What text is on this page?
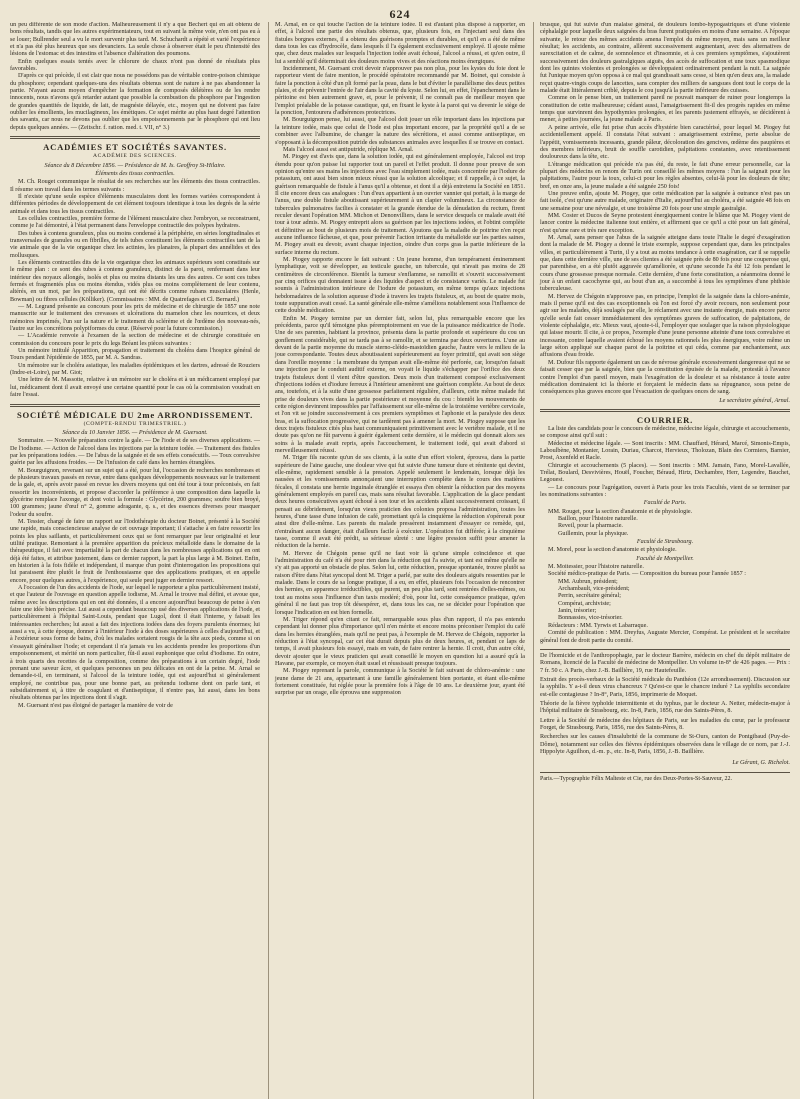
624

un peu différente de son mode d'action. Malheureusement il n'y a que Bechert qui en ait obtenu de bons résultats, tandis que les autres expérimentateurs, tout en suivant la même voie, n'en ont pas eu à se louer; Bullrender seul a vu le mort survenir plus tard. M. Schuchardt a répété et varié l'expérience et n'a pas été plus heureux que ses devanciers. La seule chose à observer était le peu d'intensité des lésions de l'estomac et des intestins et l'absence d'altération des poumons.

Enfin quelques essais tentés avec le chlorure de chaux n'ont pas donné de résultats plus favorables.

D'après ce qui précède, il est clair que nous ne possédons pas de véritable contre-poison chimique du phosphore; cependant quelques-uns des résultats obtenus sont de nature à ne pas abandonner la partie. N'ayant aucun moyen d'empêcher la formation de composés délétères ou de les rendre innocents, nous n'avons qu'à retarder autant que possible la combustion du phosphore par l'ingestion de grandes quantités de liquide, de lait, de magnésie délayée, etc., moyen qui ne doivent pas faire oublier les émollients, les mucilagineux, les émétiques. Ce sujet mérite au plus haut degré l'attention des savants, car nous ne devons pas oublier que les empoisonnements par le phosphore qui ont lieu depuis quelques années. — (Zeitschr. f. ration. med. t. VII, n° 3.)

ACADÉMIES ET SOCIÉTÉS SAVANTES.
ACADÉMIE DES SCIENCES.
Séance du 8 Décembre 1856. — Présidence de M. Is. Geoffroy St-Hilaire.
Éléments des tissus contractiles.

M. Ch. Rouget communique le résultat de ses recherches sur les éléments des tissus contractiles. Il résume son travail dans les termes suivants :

Il n'existe qu'une seule espèce d'éléments musculaires dont les formes variées correspondent à différentes périodes de développement de cet élément toujours identique à tous les degrés de la série animale et dans tous les tissus contractiles.

Les cellules contractiles, première forme de l'élément musculaire chez l'embryon, se reconstruent, comme je l'ai démontré, à l'état permanent dans l'enveloppe contractile des polypes hydraires.

Des tubes à contenu granuleux, plus ou moins condensé à la périphérie, en séries longitudinales et transversales de granules ou en fibrilles, de tels tubes constituent les éléments contractiles tant de la vie animale que de la vie organique chez les actinies, les planaires, la plupart des annélides et des mollusques.

Les éléments contractiles dits de la vie organique chez les animaux supérieurs sont constitués sur le même plan : ce sont des tubes à contenu granuleux, distinct de la paroi, renfermant dans leur intérieur des noyaux allongés, isolés et plus ou moins distants les uns des autres. Ce sont ces tubes fermés et fragmentés plus ou moins étendus, vidés plus ou moins complètement de leur contenu, altérés, en un mot, par les préparations, qui ont été décrits comme rubans musculaires (Henle, Bowman) ou fibres cellules (Kölliker). (Commissaires : MM. de Quatrefages et Cl. Bernard.)

— M. Legrand présente au concours pour les prix de médecine et de chirurgie de 1857 une note manuscrite sur le traitement des crevasses et ulcérations du mamelon chez les nourrices, et deux mémoires imprimés, l'un sur la nature et le traitement du sclérème et de l'œdème des nouveau-nés, l'autre sur les concrétions polypiformes du cœur. (Réservé pour la future commission.)

— L'Académie renvoie à l'examen de la section de médecine et de chirurgie constituée en commission du concours pour le prix du legs Bréant les pièces suivantes :

Un mémoire intitulé Apparition, propagation et traitement du choléra dans l'hospice général de Tours pendant l'épidémie de 1855, par M. A. Sandras.

Un mémoire sur le choléra asiatique, les maladies épidémiques et les dartres, adressé de Rouziers (Indre-et-Loire), par M. Giot;

Une lettre de M. Massotte, relative à un mémoire sur le choléra et à un médicament employé par lui, médicament dont il avait envoyé une certaine quantité pour le cas où la commission voudrait en faire l'essai.

SOCIÉTÉ MÉDICALE DU 2me ARRONDISSEMENT.
(COMPTE-RENDU TRIMESTRIEL.)
Séance du 10 Janvier 1856. — Présidence de M. Guersant.

Sommaire. — Nouvelle préparation contre la gale. — De l'iode et de ses diverses applications. — De l'iodisme. — Action de l'alcool dans les injections par la teinture iodée. — Traitement des fistules par les préparations iodées. — De l'abus de la saignée et de ses effets consécutifs. — Toux convulsive guérie par les affusions froides. — De l'infusion de café dans les hernies étranglées.

M. Bourguignon, revenant sur un sujet qui a été, pour lui, l'occasion de recherches nombreuses et de plusieurs travaux passés en revue, entre dans quelques développements nouveaux sur le traitement de la gale, et, après avoir passé en revue les divers moyens qui ont été tour à tour préconisés, en fait ressortir les inconvénients, et propose d'accorder la préférence à une composition dans laquelle la glycérine remplace l'axonge, et dont voici la formule : Glycérine, 200 grammes; soufre bien broyé, 100 grammes; jaune d'œuf n° 2, gomme adragante, q. s., et des essences diverses pour masquer l'odeur du soufre.

M. Tessier, chargé de faire un rapport sur l'Iodothérapie du docteur Boinet, présenté à la Société une rapide, mais consciencieuse analyse de cet ouvrage important; il s'attache à en faire ressortir les points les plus saillants, et particulièrement ceux qui se font remarquer par leur originalité et leur utilité pratique. Remontant à la première apparition du précieux métalloïde dans le domaine de la thérapeutique, il fait avec impartialité la part de chacun dans les nombreuses applications qui en ont déjà été faites, et attribue justement, dans ce dernier rapport, la part la plus large à M. Boinet. Enfin, en historien à la fois fidèle et indépendant, il marque d'un point d'interrogation les propositions qui lui paraissent être plutôt le fruit de l'enthousiasme que des applications pratiques, et en appelle encore, pour quelques autres, à l'expérience, qui seule peut juger en dernier ressort.

A l'occasion de l'un des accidents de l'iode, sur lequel le rapporteur a plus particulièrement insisté, et que l'auteur de l'ouvrage en question appelle iodisme, M. Arnal le trouve mal défini, et avoue que, même avec les descriptions qui en ont été données, il a encore aujourd'hui beaucoup de peine à s'en faire une idée bien précise. Lui aussi a cependant beaucoup usé des diverses applications de l'iode, et particulièrement à l'hôpital Saint-Louis, pendant que Lugol, dont il était l'interne, y faisait les intéressantes recherches; lui aussi a fait des injections iodées dans des foyers purulents énormes; lui aussi a vu, à cette époque, donner à l'intérieur l'iode à des doses supérieures à celles d'aujourd'hui, et à l'extérieur sous forme de bains, d'où les malades sortaient rougis de la tête aux pieds, comme si on s'essayait généraliser l'iode; et cependant il n'a jamais vu les accidents prendre les proportions d'un empoisonnement, et mérité un nom particulier, fût-il aussi euphonique que celui d'iodisme. En outre, à trois quarts des recettes de la composition, comme des préparations à un certain degré, l'iode prenant une saveur âcre, et quelques personnes un peu délicates en ont de la peine. M. Arnal se demande-t-il, en terminant, si l'alcool de la teinture iodée, qui est aujourd'hui si généralement employé, ne contribue pas, pour une bonne part, au prétendu iodisme dont on parle tant, et subsidiairement si, à titre de coagulant et d'antiseptique, il n'entre pas, lui aussi, dans les bons résultats obtenus par les injections dont il s'agit.

M. Guersant n'est pas éloigné de partager la manière de voir de

M. Arnal, en ce qui touche l'action de la teinture iodée. Il est d'autant plus disposé à rapporter, en effet, à l'alcool une partie des résultats obtenus, que, plusieurs fois, en l'injectant seul dans des fistules borgnes externes, il a obtenu des guérisons promptes et durables, et qu'il en a été de même dans tous les cas d'hydrocèle, dans lesquels il l'a également exclusivement employé. Il ajoute même que, chez deux malades sur lesquels l'injection iodée avait échoué, l'alcool a réussi, et qu'en outre, il lui a semblé qu'il déterminait des douleurs moins vives et des réactions moins énergiques.

Incidemment, M. Guersant croit devoir n'approuver pas non plus, pour les kystes du foie dont le rapporteur vient de faire mention, le procédé opératoire recommandé par M. Boinet, qui consiste à faire la ponction à côté d'un pli formé par la peau, dans le but d'éviter le parallélisme des deux petites plaies, et de prévenir l'entrée de l'air dans la cavité du kyste. Selon lui, en effet, l'épanchement dans le péritoine est bien autrement grave, et, pour le prévenir, il ne connaît pas de meilleur moyen que l'emploi préalable de la potasse caustique, qui, en fixant le kyste à la paroi qui va devenir le siège de la ponction, l'entourera d'adhérences protectrices.

M. Bourguignon pense, lui aussi, que l'alcool doit jouer un rôle important dans les injections par la teinture iodée, mais que celui de l'iode est plus important encore, par la propriété qu'il a de se combiner avec l'albumine, de changer la nature des sécrétions, et aussi comme antiseptique, en s'opposant à la décomposition putride des substances animales avec lesquelles il se trouve en contact.

Mais l'alcool aussi est antiputride, réplique M. Arnal.

M. Piogey est d'avis que, dans la solution iodée, qui est généralement employée, l'alcool est trop étendu pour qu'on puisse lui rapporter tout un pareil et l'effet produit. Il donne pour preuve de son opinion qu'entre ses mains les injections avec l'eau simplement iodée, mais concentrée par l'iodure de potassium, ont aussi bien sinon mieux réussi que la solution alcoolique; et il rappelle, à ce sujet, la guérison remarquable de fistule à l'anus qu'il a obtenue, et dont il a déjà entretenu la Société en 1851. Il cite encore deux cas analogues : l'un d'eux appartient à un ouvrier vannier qui portait, à la marge de l'anus, une double fistule aboutissant supérieurement à un clapier volumineux. La circonstance de tubercules pulmonaires facilies à constater et la grande étendue de la dénudation du rectum, firent reculer devant l'opération MM. Michon et Denonvilliers, dans le service desquels ce malade avait été tour à tour admis. M. Piogey entreprit alors sa guérison par les injections iodées, et l'obtint complète et définitive au bout de plusieurs mois de traitement. Ajoutons que la maladie de poitrine n'en reçut aucune influence fâcheuse, et que, pour prévenir l'action irritante du métalloïde sur les parties saines, M. Piogey avait eu devoir, avant chaque injection, oindre d'un corps gras la partie inférieure de la surface interne du rectum.

M. Piogey rapporte encore le fait suivant : Un jeune homme, d'un tempérament éminemment lymphatique, voit se développer, au testicule gauche, un tubercule, qui n'avait pas moins de 28 centimètres de circonférence. Bientôt la tumeur s'enflamme, se ramollit et s'ouvrit successivement par cinq orifices qui donnaient issue à des liquides d'aspect et de consistance variés. Le malade fut soumis à l'administration intérieure de l'iodure de potassium, en même temps qu'aux injections hebdomadaires de la solution aqueuse d'iode à travers les trajets fistuleux, et, au bout de quatre mois, toute suppuration avait cessé. La santé générale elle-même s'améliora notablement sous l'influence de cette double médication.

Enfin M. Piogey termine par un dernier fait, selon lui, plus remarquable encore que les précédents, parce qu'il témoigne plus péremptoirement en vue de la puissance médicatrice de l'iode. Une de ses parentes, habitant la province, présenta dans la partie profonde et supérieure du cou un gonflement considérable, qui ne tarda pas à se ramollir, et se termina par deux ouvertures. L'une au devant de la partie moyenne du muscle sterno-cléido-mastoïdien gauche, l'autre vers le milieu de la joue correspondante. Toutes deux aboutissaient supérieurement au foyer primitif, qui avait son siège dans l'oreille moyenne : la membrane du tympan avait elle-même été perforée, car, lorsqu'on faisait une injection par le conduit auditif externe, on voyait le liquide s'échapper par l'orifice des deux trajets fistuleux dont il vient d'être question. Deux mois d'un traitement composé exclusivement d'injections iodées et d'iodure ferreux à l'intérieur amenèrent une guérison complète. Au bout de deux ans, toutefois, et à la suite d'une grossesse parfaitement régulière, d'ailleurs, cette même malade fut prise de douleurs vives dans la partie postérieure et moyenne du cou : bientôt les mouvements de cette région devinrent impossibles par l'affaissement sur elle-même de la troisième vertèbre cervicale, et l'on vit se joindre successivement à ces premiers symptômes et l'aphonie et la paralysie des deux bras, et la suffocation progressive, qui ne tardèrent pas à amener la mort. M. Piogey suppose que les deux trajets fistuleux cités plus haut communiquaient primitivement avec le vertèbre malade, et il ne doute pas qu'on ne fût parvenu à guérir également cette dernière, si le médecin qui donnait alors ses soins à la malade avait repris, après l'accouchement, le traitement iodé, qui avait d'abord si merveilleusement réussi.

M. Triger fils raconte qu'un de ses clients, à la suite d'un effort violent, éprouva, dans la partie supérieure de l'aine gauche, une douleur vive qui fut suivie d'une tumeur dure et rénitente qui devint, elle-même, rapidement sensible à la pression. Appelé seulement le lendemain, lorsque déjà les nausées et les vomissements annonçaient une interruption complète dans le cours des matières fécales, il constata une hernie inguinale étranglée et essaya d'en obtenir la réduction par des moyens généralement employés en pareil cas, mais sans résultat favorable. L'application de la glace pendant deux heures consécutives ayant échoué à son tour et les accidents allant successivement croissant, il pensait au débridement, lorsqu'un vieux praticien des colonies proposa l'administration, toutes les heures, d'une tasse d'une infusion de café, promettant qu'à la cinquième la réduction s'opérerait pour ainsi dire d'elle-même. Les parents du malade pressèrent instamment d'essayer ce remède, qui, n'entraînant aucun danger, était d'ailleurs facile à exécuter. L'opération fut différée; à la cinquième tasse, comme il avait été prédit, sa sérieuse sûreté : une légère pression suffit pour amener la réduction de la hernie.

M. Hervez de Chégoin pense qu'il ne faut voir là qu'une simple coïncidence et que l'administration du café n'a été pour rien dans la réduction qui l'a suivie, et tant est même qu'elle ne s'y ait pas apporté un obstacle de plus. Selon lui, cette réduction, presque spontanée, trouve plutôt sa raison d'être dans l'état syncopal dont M. Triger a parlé, par suite des douleurs aiguës ressenties par le malade. Dans le cours de sa longue pratique, il a eu, en effet, plusieurs fois l'occasion de rencontrer des hernies, en apparence irréductibles, qui purent, un peu plus tard, sont rentrées d'elles-mêmes, ou tout au moins sous l'influence d'un taxis modéré; d'où, pour lui, cette conséquence pratique, qu'en général il ne faut pas trop tôt désespérer, et, dans tous les cas, ne se décider pour l'opération que lorsque l'indication en est bien formelle.

M. Triger répond qu'en citant ce fait, remarquable sous plus d'un rapport, il n'a pas entendu cependant lui donner plus d'importance qu'il n'en mérite et encore moins préconiser l'emploi du café dans les hernies étranglées, mais qu'il ne peut pas, à l'exemple de M. Hervez de Chégoin, rapporter la réduction à l'état syncopal, car cet état durait depuis plus de deux heures, et, pendant ce laps de temps, il avait plusieurs fois essayé, mais en vain, de faire rentrer la hernie. Il croit, d'un autre côté, devoir ajouter que le vieux praticien qui avait conseillé le moyen en question lui a assuré qu'à la Havane, par exemple, ce moyen était usuel et réussissait presque toujours.

M. Piogey reprenant la parole, communique à la Société le fait suivant de chloro-anémie : une jeune dame de 21 ans, appartenant à une famille généralement bien portante, et étant elle-même fortement constituée, fut réglée pour la première fois à l'âge de 10 ans. Le deuxième jour, ayant été surprise par un orage, elle éprouva une suppression

brusque, qui fut suivie d'un malaise général, de douleurs lombo-hypogastriques et d'une violente céphalalgie pour laquelle deux saignées du bras furent pratiquées en moins d'une semaine. A l'époque suivante, le retour des mêmes accidents amena l'emploi du même moyen, mais sans un meilleur résultat; les accidents, au contraire, allèrent successivement augmentant, avec des alternatives de surexcitation et de calme, de somnolence et d'insomnie, et à ces premiers symptômes, s'ajoutèrent successivement des douleurs gastralgiques aiguës, des accès de suffocation et une toux spasmodique dont les quintes violentes et prolongées se développaient ordinairement pendant la nuit. La saignée fut l'unique moyen qu'on opposa à ce mal qui grandissait sans cesse, si bien qu'en deux ans, la malade reçut quatre-vingts coups de lancettes, sans compter des milliers de sangsues dont tout le corps de la malade était littéralement criblé, depuis le cou jusqu'à la partie inférieure des cuisses.

Comme on le pense bien, un traitement pareil ne pouvait manquer de ruiner pour longtemps la constitution de cette malheureuse; cédant aussi, l'amaigrissement fit-il des progrès rapides en même temps que survinrent des hypothymies prolongées, et les parents justement effrayés, se décidèrent à mener, à petites journées, la jeune malade à Paris.

A peine arrivée, elle fut prise d'un accès d'hystérie bien caractérisé, pour lequel M. Piogey fut accidentellement appelé. Il constata l'état suivant : amaigrissement extrême, perte absolue de l'appétit, vomissements incessants, grande pâleur, décoloration des gencives, œdème des paupières et des membres inférieurs, bruit de souffle carotidien, palpitations constantes, avec retentissement douloureux dans la tête, etc.

L'étrange médication qui précède n'a pas été, du reste, le fait d'une erreur personnelle, car la plupart des médecins en renom de Turin ont conseillé les mêmes moyens : l'un la saignait pour les palpitations, l'autre pour la toux, celui-ci pour les règles absentes, celui-là pour les douleurs de tête; bref, en onze ans, la jeune malade a été saignée 250 fois!

Une preuve enfin, ajoute M. Piogey, que cette médication par la saignée à outrance n'est pas un fait isolé, c'est qu'une autre malade, originaire d'Italie, aujourd'hui au choléra, a été saignée 48 fois en une semaine pour une névralgie, et une troisième 20 fois pour une simple gastralgie.

MM. Coster et Ducos de Seyne protestent énergiquement contre le blâme que M. Piogey vient de lancer contre la médecine italienne tout entière, et affirment que ce qu'il a cité pour un fait général, n'est qu'une rare et très rare exception.

M. Arnal, sans penser que l'abus de la saignée atteigne dans toute l'Italie le degré d'exagération dont la malade de M. Piogey a donné le triste exemple, suppose cependant que, dans les principales villes, et particulièrement à Turin, il y a tout au moins tendance à cette exagération, car il se rappelle que, dans cette dernière ville, une de ses clientes a été saignée près de 80 fois pour une couperose qui, par parenthèse, en a été plutôt aggravée qu'améliorée, et qu'une seconde l'a été 12 fois pendant le cours d'une grossesse presque normale. Cette dernière, d'une forte constitution, a néanmoins donné le jour à un enfant cacochyme qui, au bout d'un an, a succombé à tous les symptômes d'une phthisie tuberculeuse.

M. Hervez de Chégoin n'approuve pas, en principe, l'emploi de la saignée dans la chloro-anémie, mais il pense qu'il est des cas exceptionnels où l'on est forcé d'y avoir recours, non seulement pour agir sur les malades, déjà soulagés par elle, le réclament avec une instante énergie, mais encore parce qu'elle seule fait cesser immédiatement des symptômes graves de suffocation, de palpitations, de violente céphalalgie, etc. Mieux vaut, ajoute-t-il, l'employer que soulager que la raison physiologique qui laisse mourir. Il cite, à ce propos, l'exemple d'une jeune personne atteinte d'une toux convulsive et incessante, contre laquelle avaient échoué les moyens rationnels les plus énergiques, voire même un large séton appliqué sur chaque paroi de la poitrine et qui céda, comme par enchantement, aux affusions d'eau froide.

M. Dufour fils rapporte également un cas de névrose générale excessivement dangereuse qui ne se faisait cesser que par la saignée, bien que la constitution épuisée de la malade, protestât à l'avance contre l'emploi d'un pareil moyen, mais l'exagération de la douleur et sa résistance à toute autre médication dominaient ici la théorie et forçaient le médecin dans sa répugnance, sous peine de conséquences plus graves encore que l'évacuation de quelques onces de sang.

Le secrétaire général, Arnal.
COURRIER.

La liste des candidats pour le concours de médecine, médecine légale, chirurgie et accouchements, se compose ainsi qu'il suit :

Médecine et médecine légale. — Sont inscrits : MM. Chauffard, Hérard, Marcé, Simonis-Empis, Laboulbène, Montanier, Lorain, Duriau, Charcot, Hervieux, Tholozan, Blain des Cormiers, Barnier, Prost, Axenfeld et Racle.

Chirurgie et accouchements (5 places). — Sont inscrits : MM. Jamain, Fano, Morel-Lavallée, Trélat, Boulard, Desvivières, Houël, Foucher, Béraud, Hirtz, Dechambre, Herr, Legendre, Bauchet, Legouest.

— Le concours pour l'agrégation, ouvert à Paris pour les trois Facultés, vient de se terminer par les nominations suivantes :

Faculté de Paris.

MM. Rouget, pour la section d'anatomie et de physiologie.

Baillon, pour l'histoire naturelle.

Reveil, pour la pharmacie.

Guillemin, pour la physique.

Faculté de Strasbourg.

M. Morel, pour la section d'anatomie et physiologie.

Faculté de Montpellier.

M. Moitessier, pour l'histoire naturelle.

Société médico-pratique de Paris. — Composition du bureau pour l'année 1857 :

MM. Aubrun, président;

Archambault, vice-président;

Perrin, secrétaire général;

Compérat, archiviste;

Janin, trésorier;

Bonnassies, vice-trésorier.

Rédacteurs : MM. Tyrwis et Labarraque.

Comité de publication : MM. Dreyfus, Auguste Mercier, Compérat. Le président et le secrétaire général font de droit partie du comité.

De l'homicide et de l'anthropophagie, par le docteur Barrère, médecin en chef du dépôt militaire de Romans, licencié de la Faculté de médecine de Montpellier. Un volume in-8° de 426 pages. — Prix : 7 fr. 50 c. A Paris, chez J.-B. Baillière, 19, rue Hautefeuille.

Extrait des procès-verbaux de la Société médicale du Panthéon (12e arrondissement). Discussion sur la syphilis. Y a-t-il deux virus chancreux ? Qu'est-ce que le chancre induré ? La syphilis secondaire est-elle contagieuse ? In-8°, Paris, 1856, imprimerie de Moquet.

Théorie de la fièvre typhoïde intermittente et du typhus, par le docteur A. Netter, médecin-major à l'hôpital militaire de Strasbourg, etc. In-8, Paris, 1856, rue des Saints-Pères, 8.

Lettre à la Société de médecine des hôpitaux de Paris, sur les maladies du cœur, par le professeur Forget, de Strasbourg. Paris, 1856, rue des Saints-Pères, 8.

Recherches sur les causes d'insalubrité de la commune de St-Ours, canton de Pontgibaud (Puy-de-Dôme), notamment sur celles des fièvres épidémiques observées dans le village de ce nom, par J.-J. Hippolyte Aguilhon, d.-m. p., etc. In-8, Paris, 1856, J.-B. Baillière.

Le Gérant, G. Richelot.

Paris.—Typographie Félix Malteste et Cie, rue des Deux-Portes-St-Sauveur, 22.
